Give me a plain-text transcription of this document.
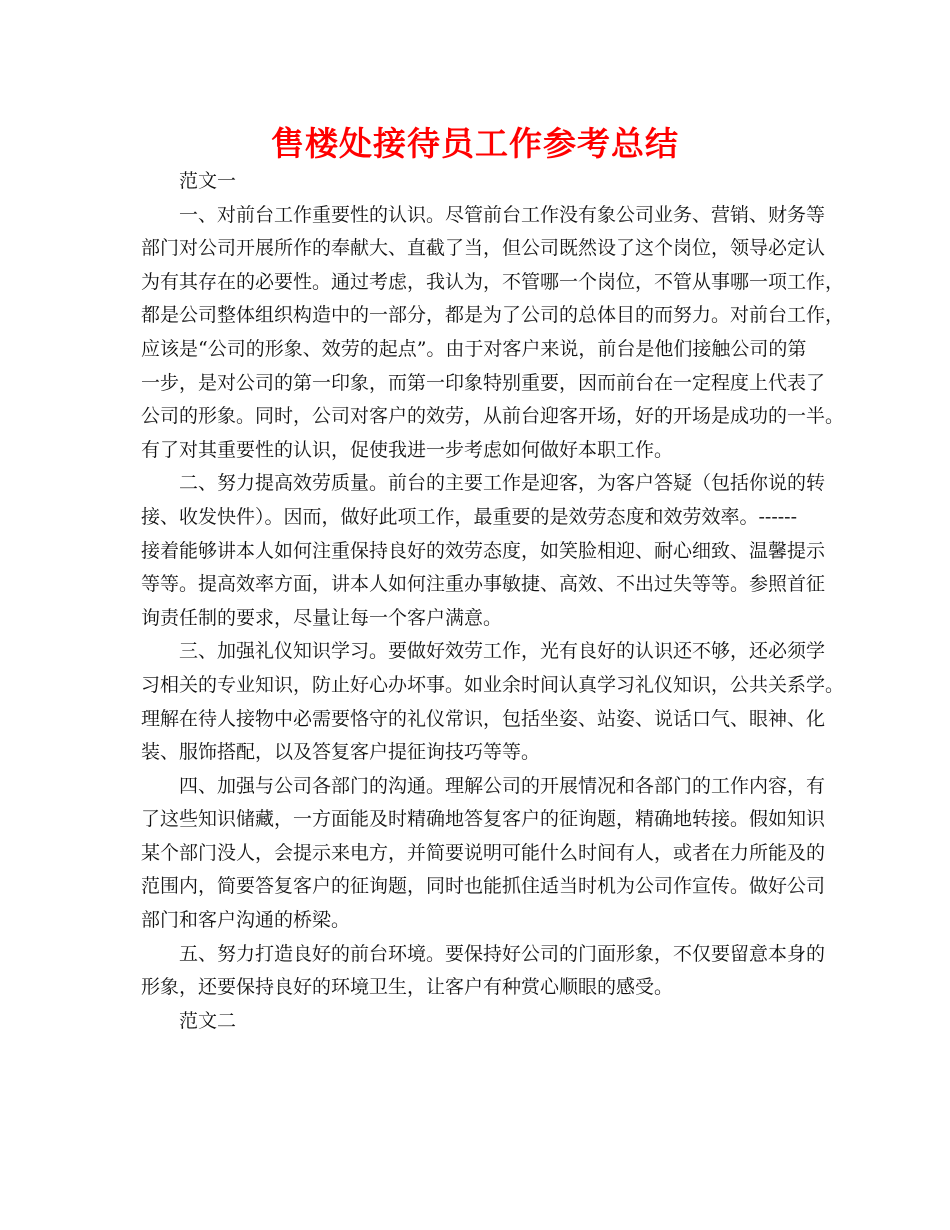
售楼处接待员工作参考总结
范文一
一、对前台工作重要性的认识。尽管前台工作没有象公司业务、营销、财务等
部门对公司开展所作的奉献大、直截了当，但公司既然设了这个岗位，领导必定认
为有其存在的必要性。通过考虑，我认为，不管哪一个岗位，不管从事哪一项工作，
都是公司整体组织构造中的一部分，都是为了公司的总体目的而努力。对前台工作，
应该是“公司的形象、效劳的起点”。由于对客户来说，前台是他们接触公司的第
一步，是对公司的第一印象，而第一印象特别重要，因而前台在一定程度上代表了
公司的形象。同时，公司对客户的效劳，从前台迎客开场，好的开场是成功的一半。
有了对其重要性的认识，促使我进一步考虑如何做好本职工作。
二、努力提高效劳质量。前台的主要工作是迎客，为客户答疑（包括你说的转
接、收发快件）。因而，做好此项工作，最重要的是效劳态度和效劳效率。------
接着能够讲本人如何注重保持良好的效劳态度，如笑脸相迎、耐心细致、温馨提示
等等。提高效率方面，讲本人如何注重办事敏捷、高效、不出过失等等。参照首征
询责任制的要求，尽量让每一个客户满意。
三、加强礼仪知识学习。要做好效劳工作，光有良好的认识还不够，还必须学
习相关的专业知识，防止好心办坏事。如业余时间认真学习礼仪知识，公共关系学。
理解在待人接物中必需要恪守的礼仪常识，包括坐姿、站姿、说话口气、眼神、化
装、服饰搭配，以及答复客户提征询技巧等等。
四、加强与公司各部门的沟通。理解公司的开展情况和各部门的工作内容，有
了这些知识储藏，一方面能及时精确地答复客户的征询题，精确地转接。假如知识
某个部门没人，会提示来电方，并简要说明可能什么时间有人，或者在力所能及的
范围内，简要答复客户的征询题，同时也能抓住适当时机为公司作宣传。做好公司
部门和客户沟通的桥梁。
五、努力打造良好的前台环境。要保持好公司的门面形象，不仅要留意本身的
形象，还要保持良好的环境卫生，让客户有种赏心顺眼的感受。
范文二
